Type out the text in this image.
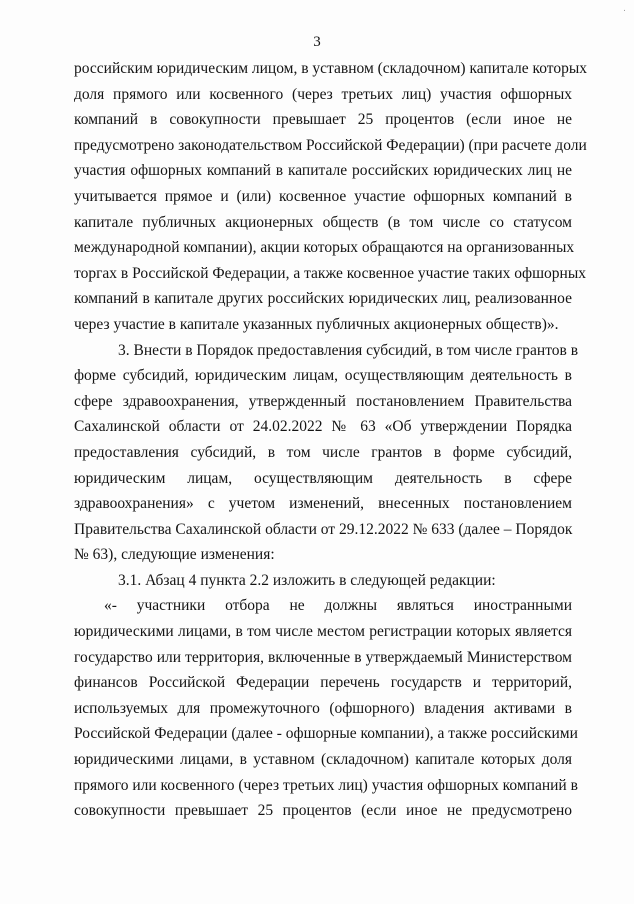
.
3
российским юридическим лицом, в уставном (складочном) капитале которых
доля прямого или косвенного (через третьих лиц) участия офшорных
компаний в совокупности превышает 25 процентов (если иное не
предусмотрено законодательством Российской Федерации) (при расчете доли
участия офшорных компаний в капитале российских юридических лиц не
учитывается прямое и (или) косвенное участие офшорных компаний в
капитале публичных акционерных обществ (в том числе со статусом
международной компании), акции которых обращаются на организованных
торгах в Российской Федерации, а также косвенное участие таких офшорных
компаний в капитале других российских юридических лиц, реализованное
через участие в капитале указанных публичных акционерных обществ)».
3. Внести в Порядок предоставления субсидий, в том числе грантов в
форме субсидий, юридическим лицам, осуществляющим деятельность в
сфере здравоохранения, утвержденный постановлением Правительства
Сахалинской области от 24.02.2022 № 63 «Об утверждении Порядка
предоставления субсидий, в том числе грантов в форме субсидий,
юридическим лицам, осуществляющим деятельность в сфере
здравоохранения» с учетом изменений, внесенных постановлением
Правительства Сахалинской области от 29.12.2022 № 633 (далее – Порядок
№ 63), следующие изменения:
3.1. Абзац 4 пункта 2.2 изложить в следующей редакции:
«- участники отбора не должны являться иностранными
юридическими лицами, в том числе местом регистрации которых является
государство или территория, включенные в утверждаемый Министерством
финансов Российской Федерации перечень государств и территорий,
используемых для промежуточного (офшорного) владения активами в
Российской Федерации (далее - офшорные компании), а также российскими
юридическими лицами, в уставном (складочном) капитале которых доля
прямого или косвенного (через третьих лиц) участия офшорных компаний в
совокупности превышает 25 процентов (если иное не предусмотрено
